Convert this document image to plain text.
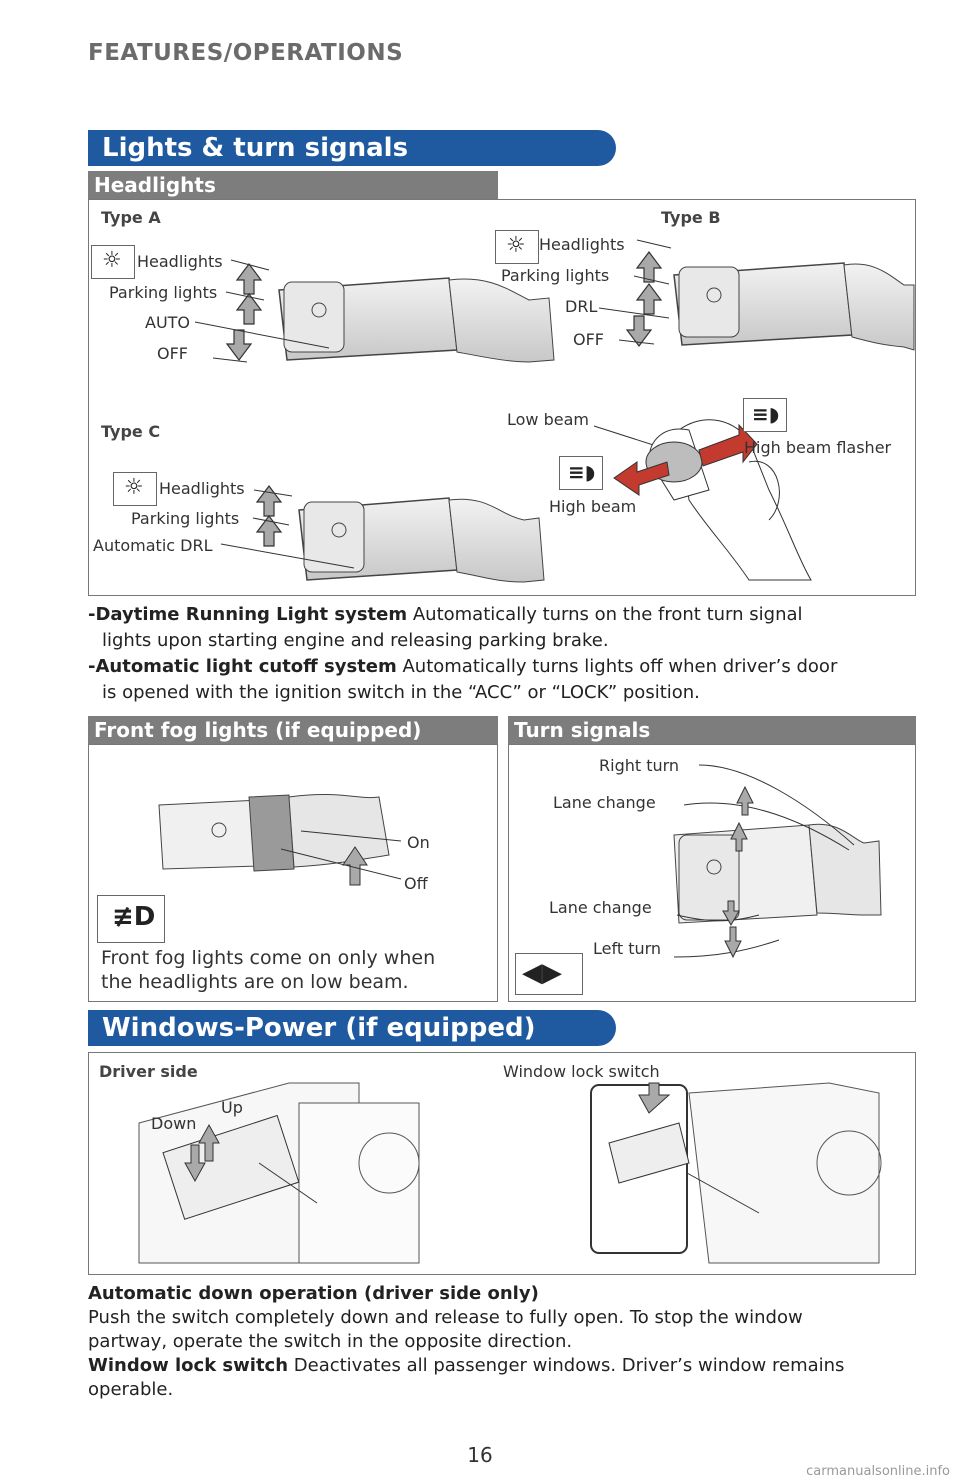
FEATURES/OPERATIONS
Lights & turn signals
Headlights
Type A	Type B
Type C
☼ Headlights
Parking lights
AUTO
OFF
☼ Headlights
Parking lights
DRL
OFF
☼ Headlights
Parking lights
Automatic DRL
Low beam	≡◗
High beam flasher
≡◗
High beam
-Daytime Running Light system Automatically turns on the front turn signal
lights upon starting engine and releasing parking brake.
-Automatic light cutoff system Automatically turns lights off when driver’s door
is opened with the ignition switch in the “ACC” or “LOCK” position.
Front fog lights (if equipped)
On
Off
≢D
Front fog lights come on only when
the headlights are on low beam.
Turn signals
Right turn
Lane change
Lane change
Left turn
◀▶
Windows-Power (if equipped)
Driver side
Down
Up
Window lock switch
Automatic down operation (driver side only)
Push the switch completely down and release to fully open. To stop the window
partway, operate the switch in the opposite direction.
Window lock switch Deactivates all passenger windows. Driver’s window remains
operable.
16
carmanualsonline.info
